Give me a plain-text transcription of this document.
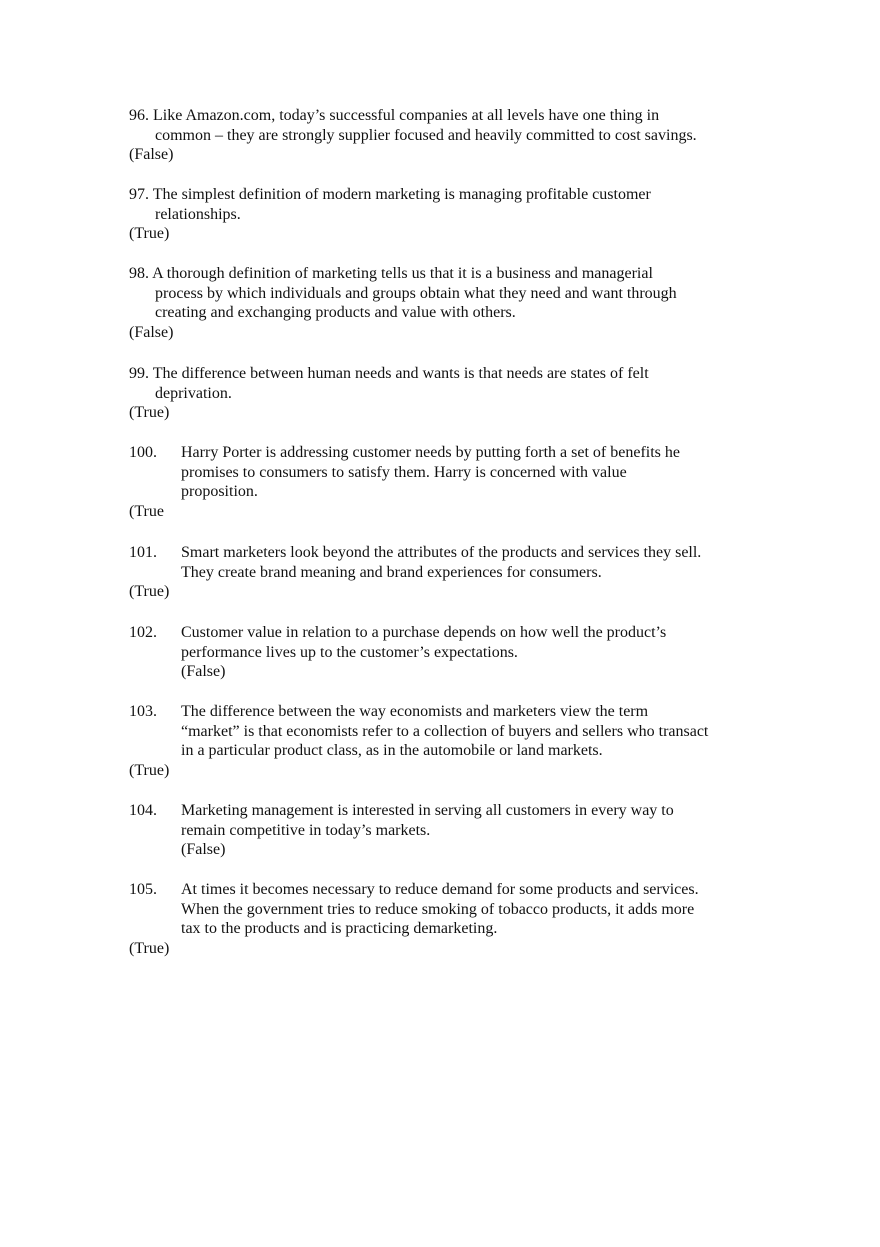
96. Like Amazon.com, today’s successful companies at all levels have one thing in
common – they are strongly supplier focused and heavily committed to cost savings.
(False)
97. The simplest definition of modern marketing is managing profitable customer
relationships.
(True)
98. A thorough definition of marketing tells us that it is a business and managerial
process by which individuals and groups obtain what they need and want through
creating and exchanging products and value with others.
(False)
99. The difference between human needs and wants is that needs are states of felt
deprivation.
(True)
100. Harry Porter is addressing customer needs by putting forth a set of benefits he
promises to consumers to satisfy them. Harry is concerned with value
proposition.
(True
101. Smart marketers look beyond the attributes of the products and services they sell.
They create brand meaning and brand experiences for consumers.
(True)
102. Customer value in relation to a purchase depends on how well the product’s
performance lives up to the customer’s expectations.
(False)
103. The difference between the way economists and marketers view the term
“market” is that economists refer to a collection of buyers and sellers who transact
in a particular product class, as in the automobile or land markets.
(True)
104. Marketing management is interested in serving all customers in every way to
remain competitive in today’s markets.
(False)
105. At times it becomes necessary to reduce demand for some products and services.
When the government tries to reduce smoking of tobacco products, it adds more
tax to the products and is practicing demarketing.
(True)
